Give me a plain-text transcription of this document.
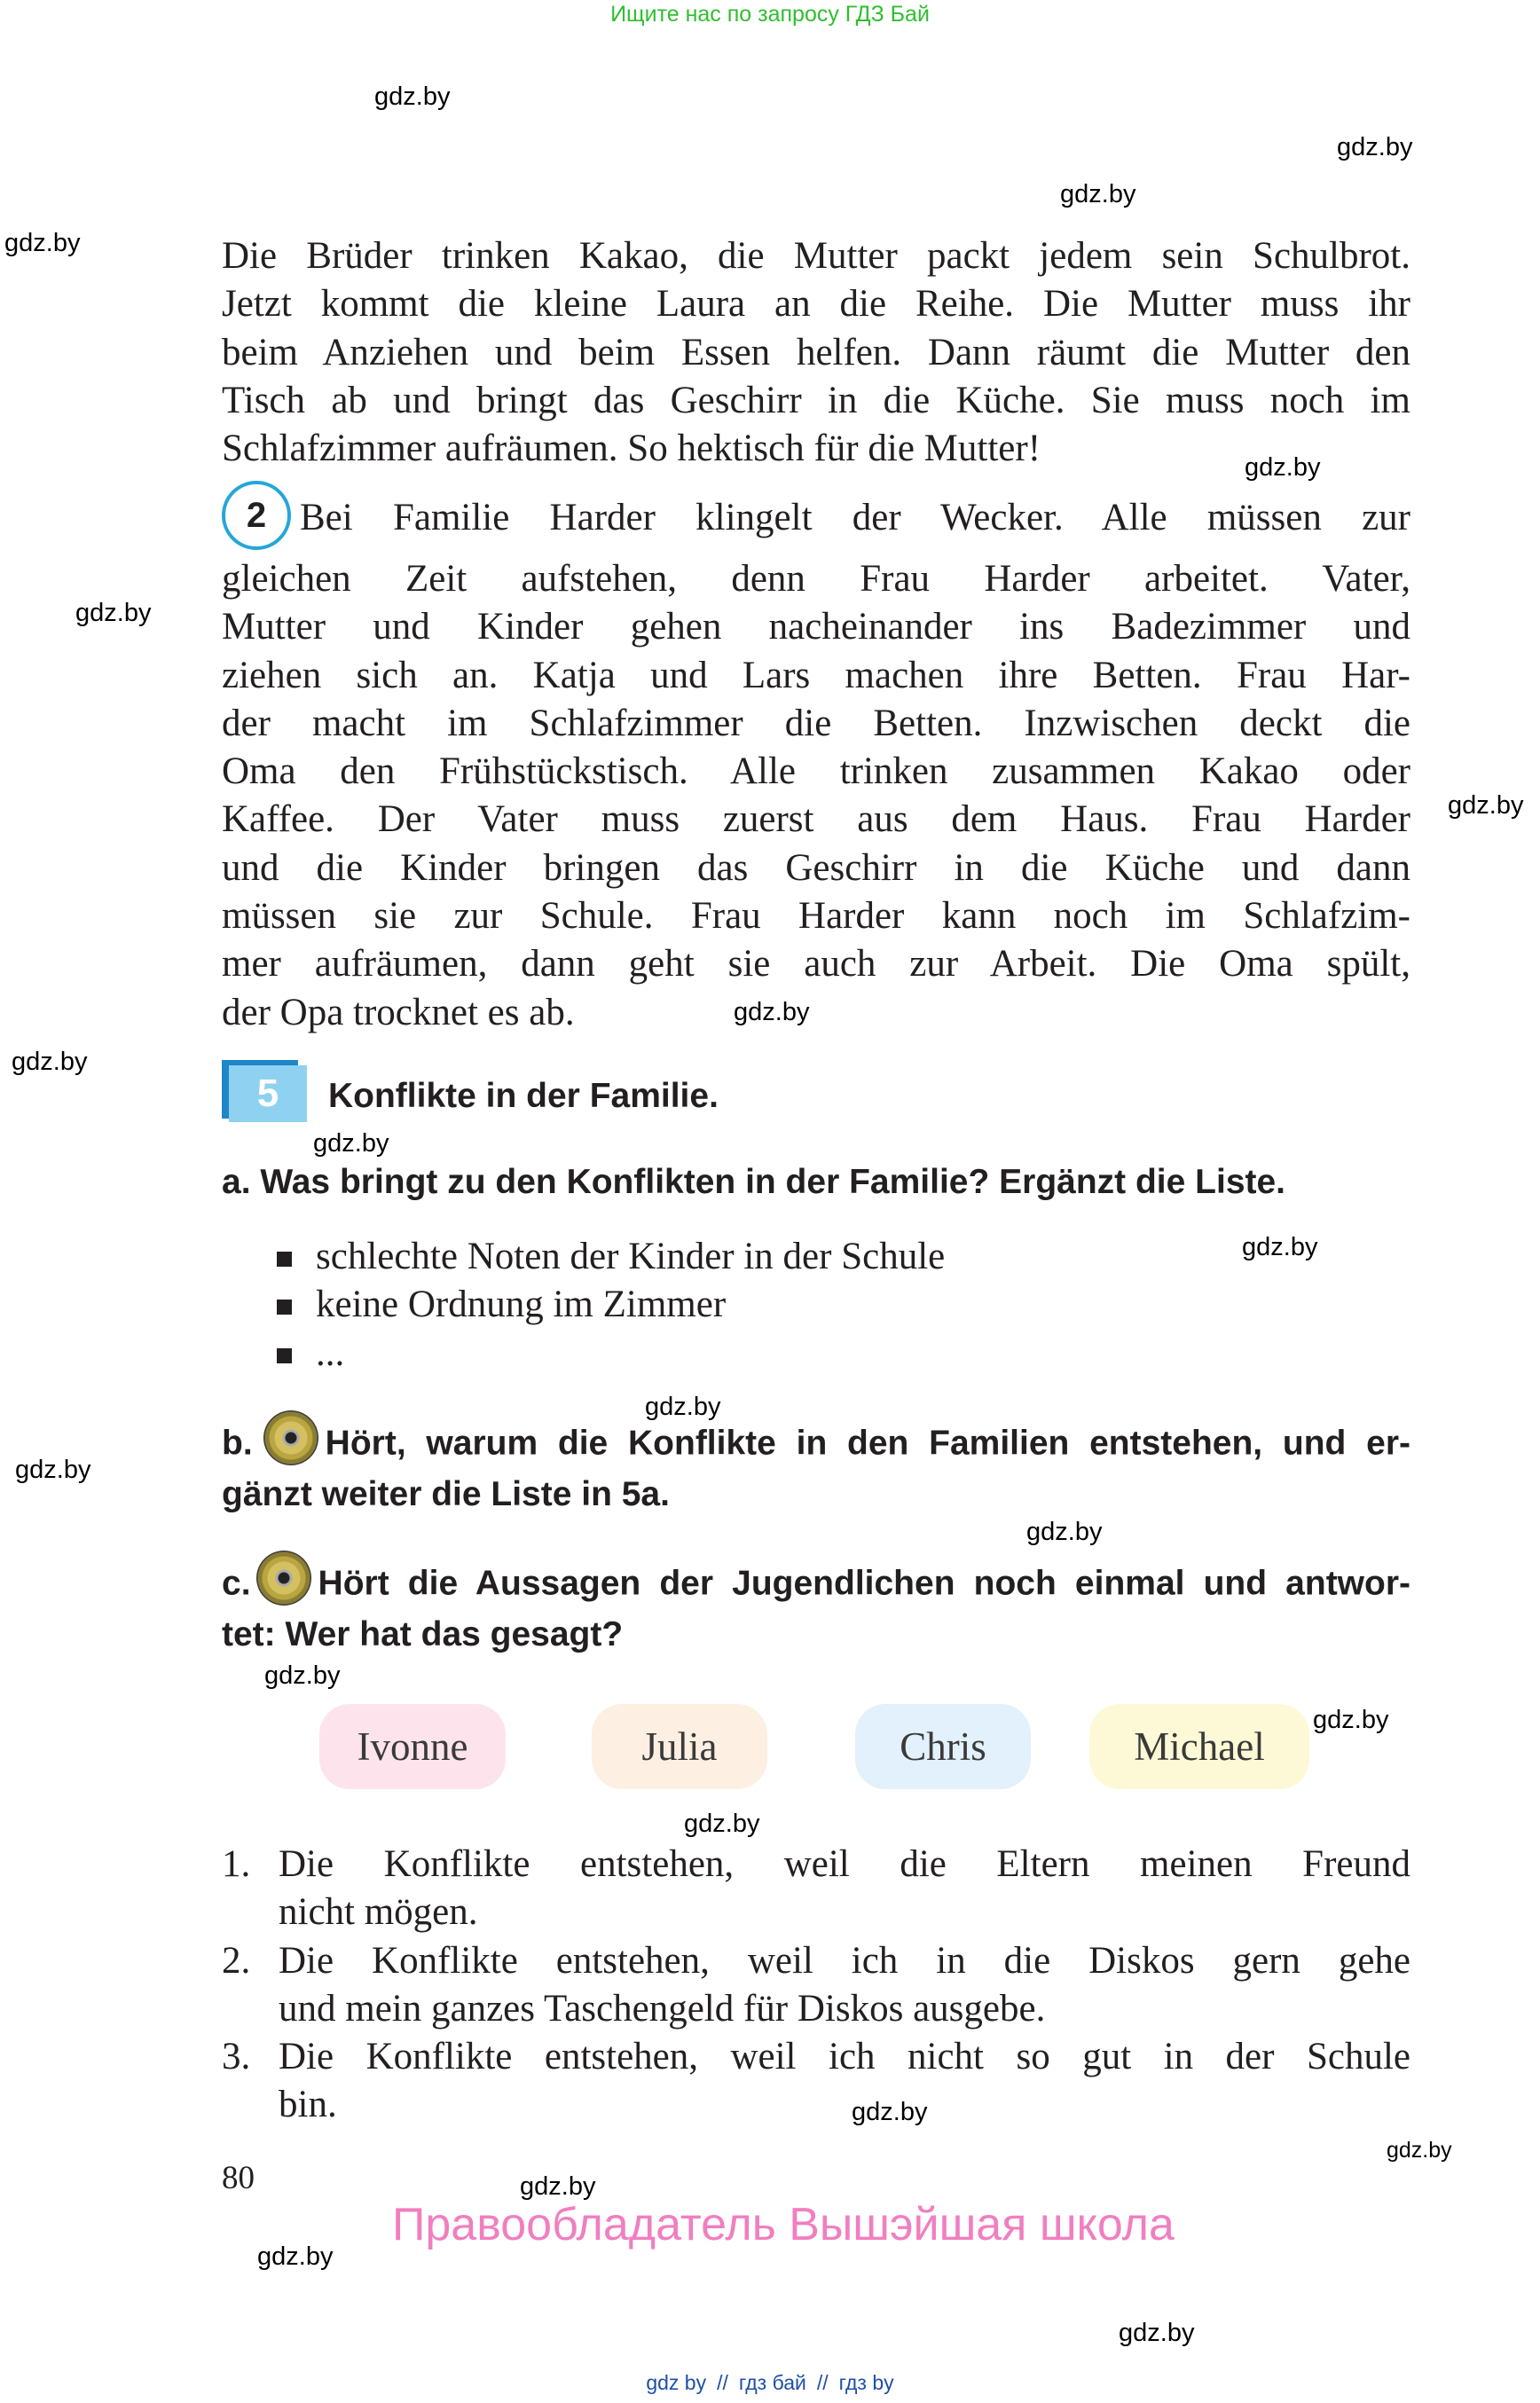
Ищите нас по запросу ГДЗ Бай
gdz.by
gdz.by
gdz.by
gdz.by
gdz.by
gdz.by
gdz.by
gdz.by
gdz.by
gdz.by
gdz.by
gdz.by
gdz.by
gdz.by
gdz.by
gdz.by
gdz.by
gdz.by
gdz.by
gdz.by
gdz.by
gdz.by
Die Brüder trinken Kakao, die Mutter packt jedem sein Schulbrot.
Jetzt kommt die kleine Laura an die Reihe. Die Mutter muss ihr
beim Anziehen und beim Essen helfen. Dann räumt die Mutter den
Tisch ab und bringt das Geschirr in die Küche. Sie muss noch im
Schlafzimmer aufräumen. So hektisch für die Mutter!
2 Bei Familie Harder klingelt der Wecker. Alle müssen zur
gleichen Zeit aufstehen, denn Frau Harder arbeitet. Vater,
Mutter und Kinder gehen nacheinander ins Badezimmer und
ziehen sich an. Katja und Lars machen ihre Betten. Frau Har-
der macht im Schlafzimmer die Betten. Inzwischen deckt die
Oma den Frühstückstisch. Alle trinken zusammen Kakao oder
Kaffee. Der Vater muss zuerst aus dem Haus. Frau Harder
und die Kinder bringen das Geschirr in die Küche und dann
müssen sie zur Schule. Frau Harder kann noch im Schlafzim-
mer aufräumen, dann geht sie auch zur Arbeit. Die Oma spült,
der Opa trocknet es ab.
5	Konflikte in der Familie.
a. Was bringt zu den Konflikten in der Familie? Ergänzt die Liste.
schlechte Noten der Kinder in der Schule
keine Ordnung im Zimmer
...
b. Hört, warum die Konflikte in den Familien entstehen, und er-
gänzt weiter die Liste in 5a.
c. Hört die Aussagen der Jugendlichen noch einmal und antwor-
tet: Wer hat das gesagt?
Ivonne	Julia	Chris	Michael
1. Die Konflikte entstehen, weil die Eltern meinen Freund
nicht mögen.
2. Die Konflikte entstehen, weil ich in die Diskos gern gehe
und mein ganzes Taschengeld für Diskos ausgebe.
3. Die Konflikte entstehen, weil ich nicht so gut in der Schule
bin.
80
Правообладатель Вышэйшая школа
gdz by // гдз бай // гдз by
